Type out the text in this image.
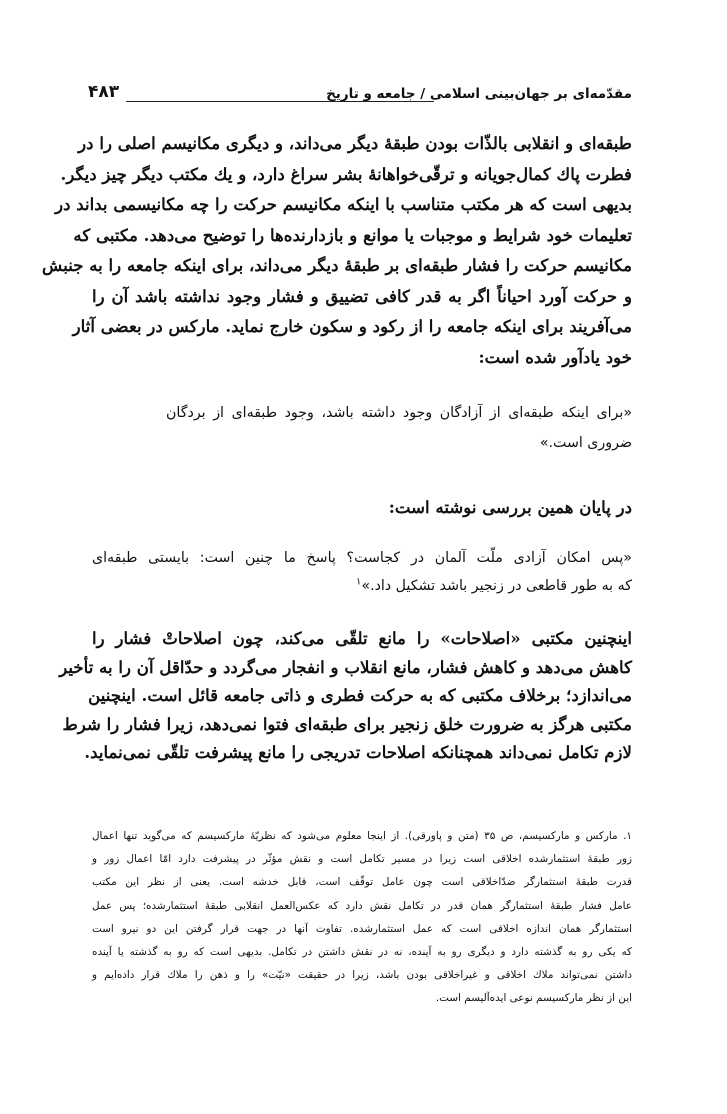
مقدّمه‌ای بر جهان‌بینی اسلامی / جامعه و تاریخ
۴۸۳
طبقه‌ای و انقلابی بالذّات بودن طبقهٔ دیگر می‌داند، و دیگری مکانیسم اصلی را در
فطرت پاك کمال‌جویانه و ترقّی‌خواهانهٔ بشر سراغ دارد، و یك مکتب دیگر چیز دیگر.
بدیهی است که هر مکتب متناسب با اینکه مکانیسم حرکت را چه مکانیسمی بداند در
تعلیمات خود شرایط و موجبات یا موانع و بازدارنده‌ها را توضیح می‌دهد. مکتبی که
مکانیسم حرکت را فشار طبقه‌ای بر طبقهٔ دیگر می‌داند، برای اینکه جامعه را به جنبش
و حرکت آورد احیاناً اگر به قدر کافی تضییق و فشار وجود نداشته باشد آن را
می‌آفریند برای اینکه جامعه را از رکود و سکون خارج نماید. مارکس در بعضی آثار
خود یادآور شده است:
«برای اینکه طبقه‌ای از آزادگان وجود داشته باشد، وجود طبقه‌ای از بردگان
ضروری است.»
در پایان همین بررسی نوشته است:
«پس امکان آزادی ملّت آلمان در کجاست؟ پاسخ ما چنین است: بایستی طبقه‌ای
که به طور قاطعی در زنجیر باشد تشکیل داد.»$^۱$
اینچنین مکتبی «اصلاحات» را مانع تلقّی می‌کند، چون اصلاحاتْ فشار را
کاهش می‌دهد و کاهش فشار، مانع انقلاب و انفجار می‌گردد و حدّاقل آن را به تأخیر
می‌اندازد؛ برخلاف مکتبی که به حرکت فطری و ذاتی جامعه قائل است. اینچنین
مکتبی هرگز به ضرورت خلق زنجیر برای طبقه‌ای فتوا نمی‌دهد، زیرا فشار را شرط
لازم تکامل نمی‌داند همچنانکه اصلاحات تدریجی را مانع پیشرفت تلقّی نمی‌نماید.
۱. مارکس و مارکسیسم، ص ۳۵ (متن و پاورقی). از اینجا معلوم می‌شود که نظریّهٔ مارکسیسم که می‌گوید تنها اعمال
زور طبقهٔ استثمارشده اخلاقی است زیرا در مسیر تکامل است و نقش مؤثّر در پیشرفت دارد امّا اعمال زور و
قدرت طبقهٔ استثمارگر ضدّاخلاقی است چون عامل توقّف است، قابل خدشه است. یعنی از نظر این مکتب
عامل فشار طبقهٔ استثمارگر همان قدر در تکامل نقش دارد که عکس‌العمل انقلابی طبقهٔ استثمارشده؛ پس عمل
استثمارگر همان اندازه اخلاقی است که عمل استثمارشده. تفاوت آنها در جهت قرار گرفتن این دو نیرو است
که یکی رو به گذشته دارد و دیگری رو به آینده، نه در نقش داشتن در تکامل. بدیهی است که رو به گذشته یا آینده
داشتن نمی‌تواند ملاك اخلاقی و غیراخلاقی بودن باشد، زیرا در حقیقت «نیّت» را و ذهن را ملاك قرار داده‌ایم و
این از نظر مارکسیسم نوعی ایده‌آلیسم است.
